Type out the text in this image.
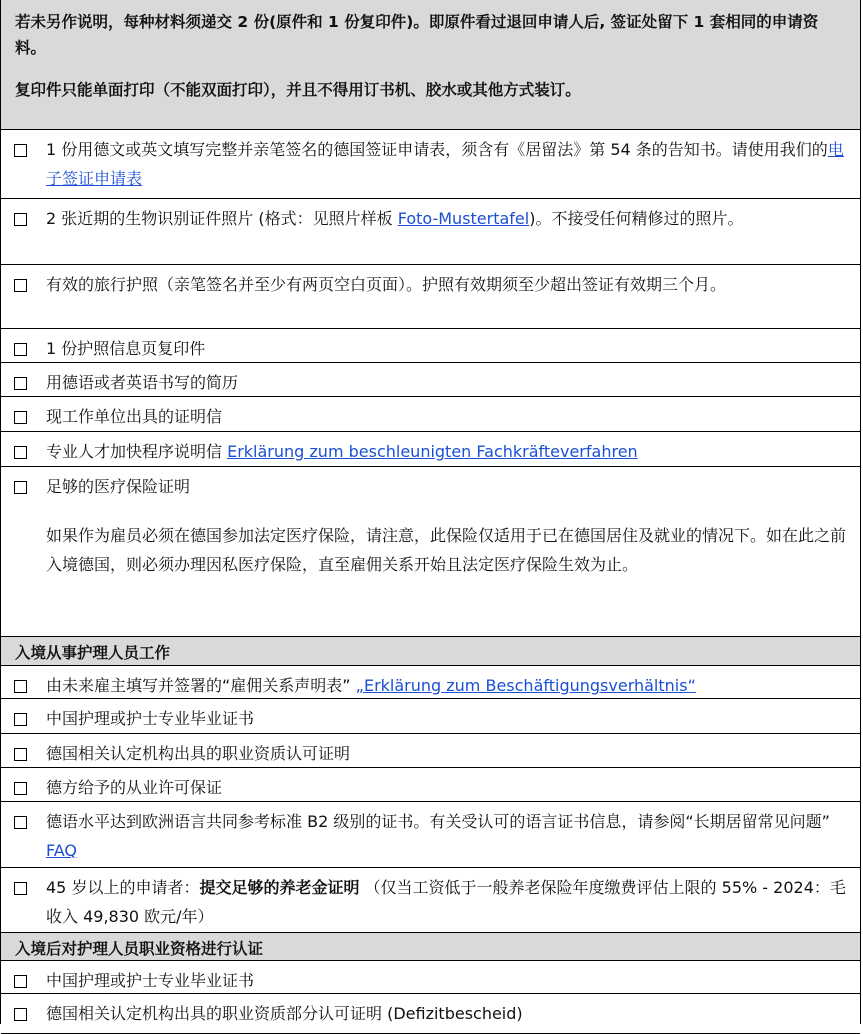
若未另作说明，每种材料须递交 2 份(原件和 1 份复印件)。即原件看过退回申请人后, 签证处留下 1 套相同的申请资料。

复印件只能单面打印（不能双面打印），并且不得用订书机、胶水或其他方式装订。

1 份用德文或英文填写完整并亲笔签名的德国签证申请表，须含有《居留法》第 54 条的告知书。请使用我们的电子签证申请表
2 张近期的生物识别证件照片 (格式：见照片样板 Foto-Mustertafel)。不接受任何精修过的照片。
有效的旅行护照（亲笔签名并至少有两页空白页面）。护照有效期须至少超出签证有效期三个月。
1 份护照信息页复印件
用德语或者英语书写的简历
现工作单位出具的证明信
专业人才加快程序说明信 Erklärung zum beschleunigten Fachkräfteverfahren
足够的医疗保险证明
如果作为雇员必须在德国参加法定医疗保险，请注意，此保险仅适用于已在德国居住及就业的情况下。如在此之前入境德国，则必须办理因私医疗保险，直至雇佣关系开始且法定医疗保险生效为止。
入境从事护理人员工作
由未来雇主填写并签署的“雇佣关系声明表” „Erklärung zum Beschäftigungsverhältnis“
中国护理或护士专业毕业证书
德国相关认定机构出具的职业资质认可证明
德方给予的从业许可保证
德语水平达到欧洲语言共同参考标准 B2 级别的证书。有关受认可的语言证书信息，请参阅“长期居留常见问题” FAQ
45 岁以上的申请者：提交足够的养老金证明 （仅当工资低于一般养老保险年度缴费评估上限的 55% - 2024：毛收入 49,830 欧元/年）
入境后对护理人员职业资格进行认证
中国护理或护士专业毕业证书
德国相关认定机构出具的职业资质部分认可证明 (Defizitbescheid)
